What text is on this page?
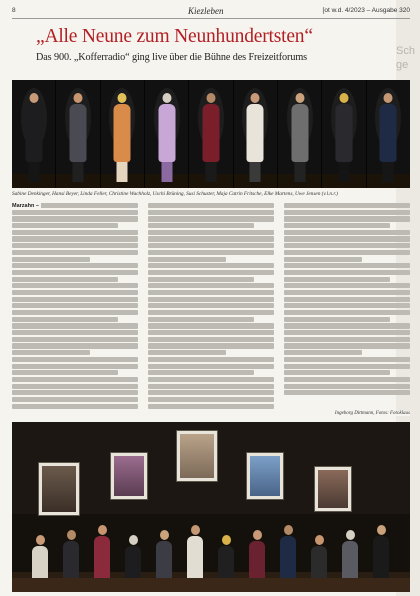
Sch ge
8	Kiezleben	[ot w.d. 4/2023 – Ausgabe 320
„Alle Neune zum Neunhundertsten“
Das 900. „Kofferradio“ ging live über die Bühne des Freizeitforums
Sabine Denkinger, Hansi Beyer, Linda Feller, Christine Wachholz, Uschi Brüning, Susi Schuster, Maja Catrin Fritsche, Elke Martens, Uwe Jensen (v.l.n.r.)
Marzahn –
Ingeborg Dittmann, Fotos: Fotoklaus
